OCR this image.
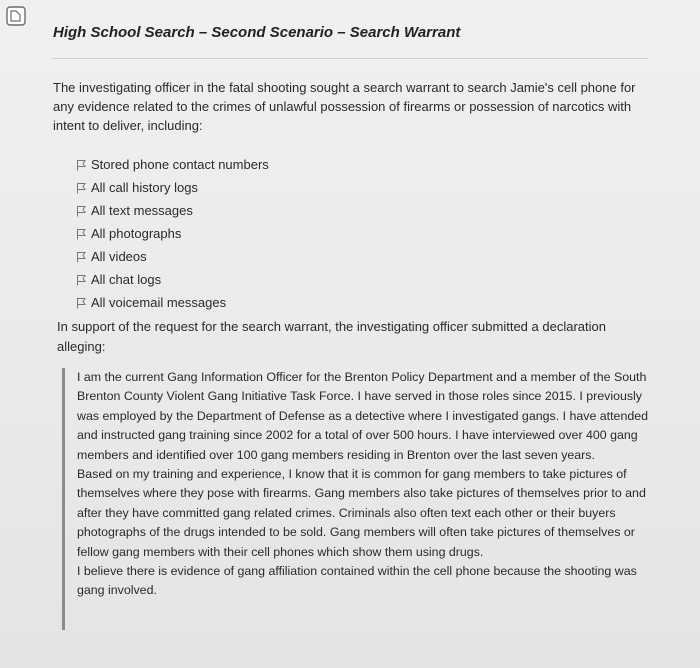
High School Search – Second Scenario – Search Warrant
The investigating officer in the fatal shooting sought a search warrant to search Jamie's cell phone for any evidence related to the crimes of unlawful possession of firearms or possession of narcotics with intent to deliver, including:
Stored phone contact numbers
All call history logs
All text messages
All photographs
All videos
All chat logs
All voicemail messages
In support of the request for the search warrant, the investigating officer submitted a declaration alleging:

I am the current Gang Information Officer for the Brenton Policy Department and a member of the South Brenton County Violent Gang Initiative Task Force. I have served in those roles since 2015. I previously was employed by the Department of Defense as a detective where I investigated gangs. I have attended and instructed gang training since 2002 for a total of over 500 hours. I have interviewed over 400 gang members and identified over 100 gang members residing in Brenton over the last seven years.

Based on my training and experience, I know that it is common for gang members to take pictures of themselves where they pose with firearms. Gang members also take pictures of themselves prior to and after they have committed gang related crimes. Criminals also often text each other or their buyers photographs of the drugs intended to be sold. Gang members will often take pictures of themselves or fellow gang members with their cell phones which show them using drugs.

I believe there is evidence of gang affiliation contained within the cell phone because the shooting was gang involved.
